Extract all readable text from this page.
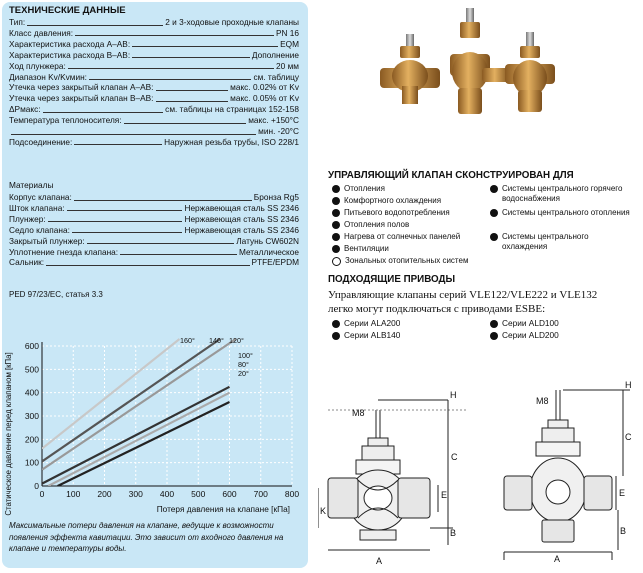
ТЕХНИЧЕСКИЕ ДАННЫЕ
Тип:	2 и 3-ходовые проходные клапаны
Класс давления:	PN 16
Характеристика расхода А–АВ:	EQM
Характеристика расхода В–АВ:	Дополнение
Ход плунжера:	20 мм
Диапазон Kv/Kvмин:	см. таблицу
Утечка через закрытый клапан А–АВ:	макс. 0.02% от Kv
Утечка через закрытый клапан В–АВ:	макс. 0.05% от Kv
ΔPмакс:	см. таблицы на страницах 152-158
Температура теплоносителя:	макс. +150°C
мин. -20°C
Подсоединение:	Наружная резьба трубы, ISO 228/1
Материалы
Корпус клапана:	Бронза Rg5
Шток клапана:	Нержавеющая сталь SS 2346
Плунжер:	Нержавеющая сталь SS 2346
Седло клапана:	Нержавеющая сталь SS 2346
Закрытый плунжер:	Латунь CW602N
Уплотнение гнезда клапана:	Металлическое
Сальник:	PTFE/EPDM
PED 97/23/EC, статья 3.3
0	100 200 300 400 500 600 700 800
0
100
200
300
400
500
600
Потеря давления на клапане [кПа]
Статическое давление перед клапаном [кПа]
160° 140° 120°
100°
80°
20°
Максимальные потери давления на клапане, ведущие к возможности появления эффекта кавитации. Это зависит от входного давления на клапане и температуры воды.
УПРАВЛЯЮЩИЙ КЛАПАН СКОНСТРУИРОВАН ДЛЯ
Отопления
Комфортного охлаждения
Питьевого водопотребления
Отопления полов
Нагрева от солнечных панелей
Вентиляции
Зональных отопительных систем
Системы центрального горячего водоснабжения
Системы центрального отопления
Системы центрального охлаждения
ПОДХОДЯЩИЕ ПРИВОДЫ
Управляющие клапаны серий VLE122/VLE222 и VLE132
легко могут подключаться с приводами ESBE:
Серии ALA200
Серии ALB140
Серии ALD100
Серии ALD200
H
M8
C
E
K
B
A
H
M8
C
E
B
A
